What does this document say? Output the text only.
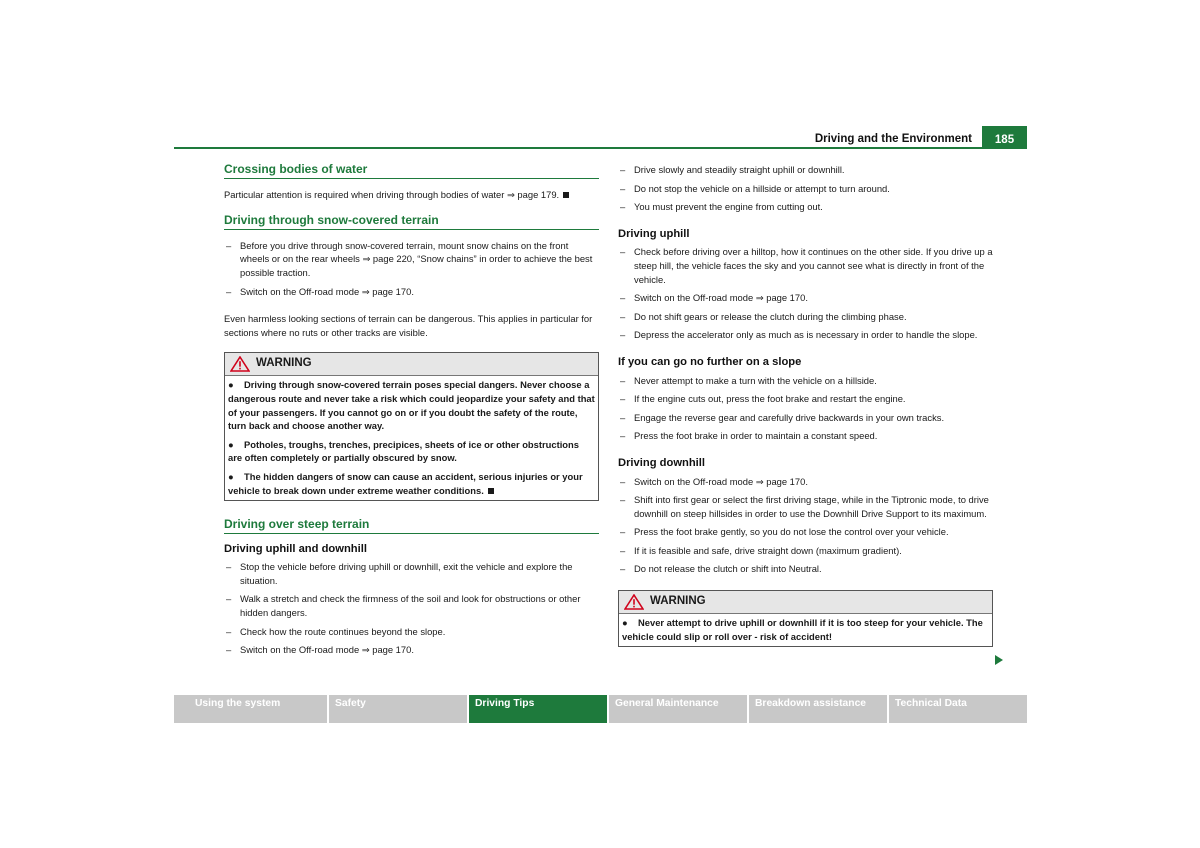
Driving and the Environment	185
Crossing bodies of water
Particular attention is required when driving through bodies of water ⇒ page 179.
Driving through snow-covered terrain
– Before you drive through snow-covered terrain, mount snow chains on the front wheels or on the rear wheels ⇒ page 220, “Snow chains” in order to achieve the best possible traction.
– Switch on the Off-road mode ⇒ page 170.
Even harmless looking sections of terrain can be dangerous. This applies in particular for sections where no ruts or other tracks are visible.
WARNING
● Driving through snow-covered terrain poses special dangers. Never choose a dangerous route and never take a risk which could jeopardize your safety and that of your passengers. If you cannot go on or if you doubt the safety of the route, turn back and choose another way.
● Potholes, troughs, trenches, precipices, sheets of ice or other obstructions are often completely or partially obscured by snow.
● The hidden dangers of snow can cause an accident, serious injuries or your vehicle to break down under extreme weather conditions.
Driving over steep terrain
Driving uphill and downhill
– Stop the vehicle before driving uphill or downhill, exit the vehicle and explore the situation.
– Walk a stretch and check the firmness of the soil and look for obstructions or other hidden dangers.
– Check how the route continues beyond the slope.
– Switch on the Off-road mode ⇒ page 170.
– Drive slowly and steadily straight uphill or downhill.
– Do not stop the vehicle on a hillside or attempt to turn around.
– You must prevent the engine from cutting out.
Driving uphill
– Check before driving over a hilltop, how it continues on the other side. If you drive up a steep hill, the vehicle faces the sky and you cannot see what is directly in front of the vehicle.
– Switch on the Off-road mode ⇒ page 170.
– Do not shift gears or release the clutch during the climbing phase.
– Depress the accelerator only as much as is necessary in order to handle the slope.
If you can go no further on a slope
– Never attempt to make a turn with the vehicle on a hillside.
– If the engine cuts out, press the foot brake and restart the engine.
– Engage the reverse gear and carefully drive backwards in your own tracks.
– Press the foot brake in order to maintain a constant speed.
Driving downhill
– Switch on the Off-road mode ⇒ page 170.
– Shift into first gear or select the first driving stage, while in the Tiptronic mode, to drive downhill on steep hillsides in order to use the Downhill Drive Support to its maximum.
– Press the foot brake gently, so you do not lose the control over your vehicle.
– If it is feasible and safe, drive straight down (maximum gradient).
– Do not release the clutch or shift into Neutral.
WARNING
● Never attempt to drive uphill or downhill if it is too steep for your vehicle. The vehicle could slip or roll over - risk of accident!
Using the system	Safety	Driving Tips	General Maintenance	Breakdown assistance	Technical Data
